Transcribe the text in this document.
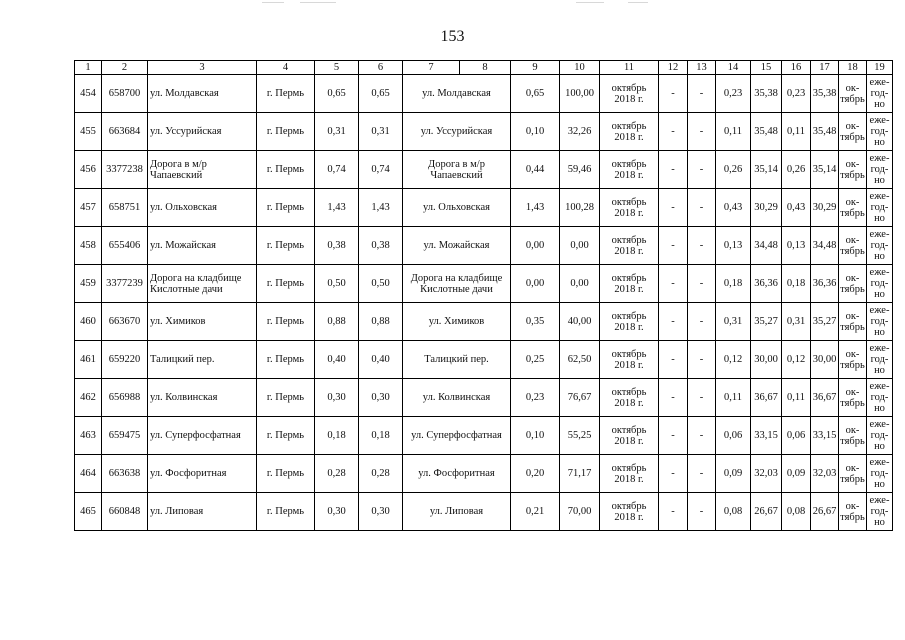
153
1	2	3	4	5	6	7	8	9	10	11	12	13	14	15	16	17	18	19
454	658700	ул. Молдавская	г. Пермь	0,65	0,65	ул. Молдавская		0,65	100,00	октябрь 2018 г.	-	-	0,23	35,38	0,23	35,38	ок-тябрь	еже-год-но
455	663684	ул. Уссурийская	г. Пермь	0,31	0,31	ул. Уссурийская		0,10	32,26	октябрь 2018 г.	-	-	0,11	35,48	0,11	35,48	ок-тябрь	еже-год-но
456	3377238	Дорога в м/р Чапаевский	г. Пермь	0,74	0,74	Дорога в м/р Чапаевский		0,44	59,46	октябрь 2018 г.	-	-	0,26	35,14	0,26	35,14	ок-тябрь	еже-год-но
457	658751	ул. Ольховская	г. Пермь	1,43	1,43	ул. Ольховская		1,43	100,28	октябрь 2018 г.	-	-	0,43	30,29	0,43	30,29	ок-тябрь	еже-год-но
458	655406	ул. Можайская	г. Пермь	0,38	0,38	ул. Можайская		0,00	0,00	октябрь 2018 г.	-	-	0,13	34,48	0,13	34,48	ок-тябрь	еже-год-но
459	3377239	Дорога на кладбище Кислотные дачи	г. Пермь	0,50	0,50	Дорога на кладбище Кислотные дачи		0,00	0,00	октябрь 2018 г.	-	-	0,18	36,36	0,18	36,36	ок-тябрь	еже-год-но
460	663670	ул. Химиков	г. Пермь	0,88	0,88	ул. Химиков		0,35	40,00	октябрь 2018 г.	-	-	0,31	35,27	0,31	35,27	ок-тябрь	еже-год-но
461	659220	Талицкий пер.	г. Пермь	0,40	0,40	Талицкий пер.		0,25	62,50	октябрь 2018 г.	-	-	0,12	30,00	0,12	30,00	ок-тябрь	еже-год-но
462	656988	ул. Колвинская	г. Пермь	0,30	0,30	ул. Колвинская		0,23	76,67	октябрь 2018 г.	-	-	0,11	36,67	0,11	36,67	ок-тябрь	еже-год-но
463	659475	ул. Суперфосфатная	г. Пермь	0,18	0,18	ул. Суперфосфатная		0,10	55,25	октябрь 2018 г.	-	-	0,06	33,15	0,06	33,15	ок-тябрь	еже-год-но
464	663638	ул. Фосфоритная	г. Пермь	0,28	0,28	ул. Фосфоритная		0,20	71,17	октябрь 2018 г.	-	-	0,09	32,03	0,09	32,03	ок-тябрь	еже-год-но
465	660848	ул. Липовая	г. Пермь	0,30	0,30	ул. Липовая		0,21	70,00	октябрь 2018 г.	-	-	0,08	26,67	0,08	26,67	ок-тябрь	еже-год-но
